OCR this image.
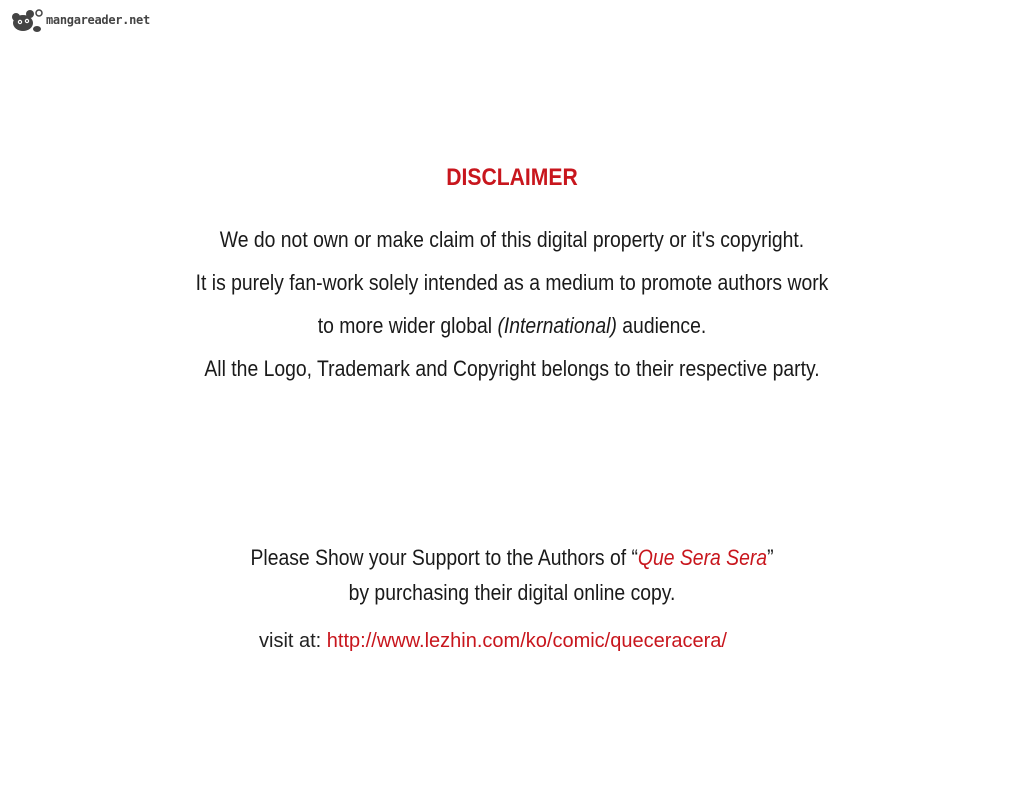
mangareader.net
DISCLAIMER

We do not own or make claim of this digital property or it's copyright.

It is purely fan-work solely intended as a medium to promote authors work

to more wider global (International) audience.

All the Logo, Trademark and Copyright belongs to their respective party.

Please Show your Support to the Authors of “Que Sera Sera”

by purchasing their digital online copy.

visit at: http://www.lezhin.com/ko/comic/queceracera/
